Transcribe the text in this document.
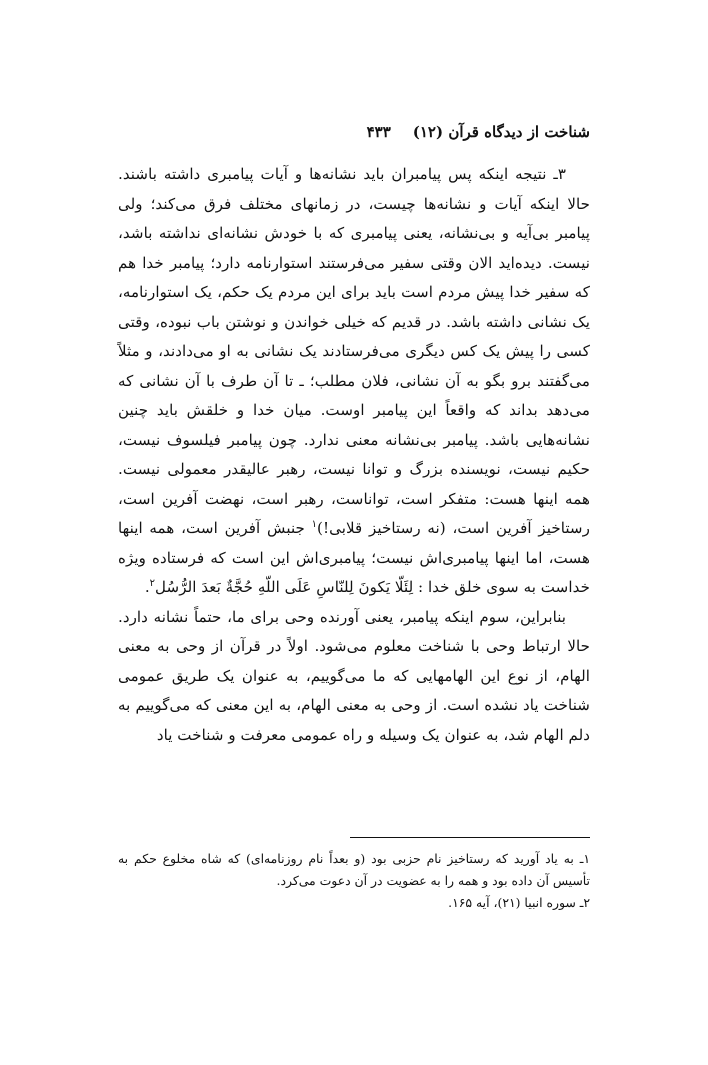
شناخت از دیدگاه قرآن (۱۲)
۴۳۳

۳ـ نتیجه اینکه پس پیامبران باید نشانه‌ها و آیات پیامبری داشته باشند. حالا اینکه آیات و نشانه‌ها چیست، در زمانهای مختلف فرق می‌کند؛ ولی پیامبر بی‌آیه و بی‌نشانه، یعنی پیامبری که با خودش نشانه‌ای نداشته باشد، نیست. دیده‌اید الان وقتی سفیر می‌فرستند استوارنامه دارد؛ پیامبر خدا هم که سفیر خدا پیش مردم است باید برای این مردم یک حکم، یک استوارنامه، یک نشانی داشته باشد. در قدیم که خیلی خواندن و نوشتن باب نبوده، وقتی کسی را پیش یک کس دیگری می‌فرستادند یک نشانی به او می‌دادند، و مثلاً می‌گفتند برو بگو به آن نشانی، فلان مطلب؛ ـ تا آن طرف با آن نشانی که می‌دهد بداند که واقعاً این پیامبر اوست. میان خدا و خلقش باید چنین نشانه‌هایی باشد. پیامبر بی‌نشانه معنی ندارد. چون پیامبر فیلسوف نیست، حکیم نیست، نویسنده بزرگ و توانا نیست، رهبر عالیقدر معمولی نیست. همه اینها هست: متفکر است، تواناست، رهبر است، نهضت آفرین است، رستاخیز آفرین است، (نه رستاخیز قلابی!)$^۱$ جنبش آفرین است، همه اینها هست، اما اینها پیامبری‌اش نیست؛ پیامبری‌اش این است که فرستاده ویژه خداست به سوی خلق خدا : لِئَلّا یَکونَ لِلنّاسِ عَلَی اللّهِ حُجَّةٌ بَعدَ الرُّسُل$^۲$.

بنابراین، سوم اینکه پیامبر، یعنی آورنده وحی برای ما، حتماً نشانه دارد. حالا ارتباط وحی با شناخت معلوم می‌شود. اولاً در قرآن از وحی به معنی الهام، از نوع این الهامهایی که ما می‌گوییم، به عنوان یک طریق عمومی شناخت یاد نشده است. از وحی به معنی الهام، به این معنی که می‌گوییم به دلم الهام شد، به عنوان یک وسیله و راه عمومی معرفت و شناخت یاد

۱ـ به یاد آورید که رستاخیز نام حزبی بود (و بعداً نام روزنامه‌ای) که شاه مخلوع حکم به تأسیس آن داده بود و همه را به عضویت در آن دعوت می‌کرد.

۲ـ سوره انبیا (۲۱)، آیه ۱۶۵.
